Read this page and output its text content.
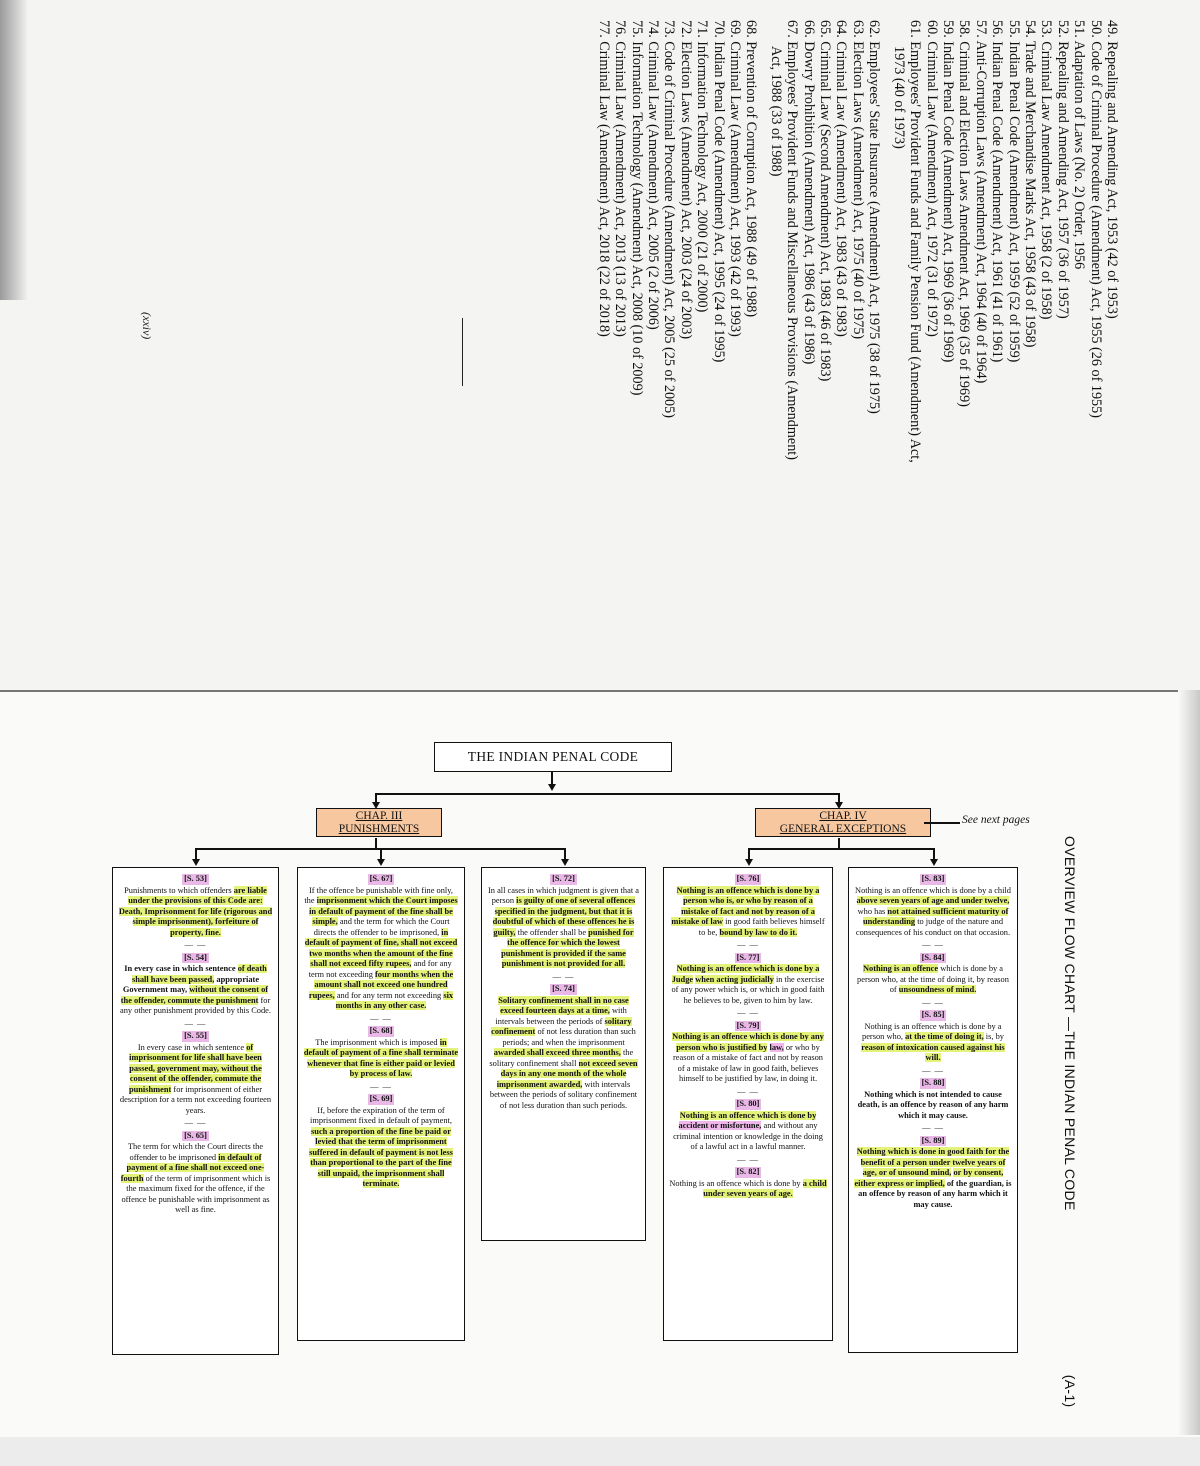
49. Repealing and Amending Act, 1953 (42 of 1953)
50. Code of Criminal Procedure (Amendment) Act, 1955 (26 of 1955)
51. Adaptation of Laws (No. 2) Order, 1956
52. Repealing and Amending Act, 1957 (36 of 1957)
53. Criminal Law Amendment Act, 1958 (2 of 1958)
54. Trade and Merchandise Marks Act, 1958 (43 of 1958)
55. Indian Penal Code (Amendment) Act, 1959 (52 of 1959)
56. Indian Penal Code (Amendment) Act, 1961 (41 of 1961)
57. Anti-Corruption Laws (Amendment) Act, 1964 (40 of 1964)
58. Criminal and Election Laws Amendment Act, 1969 (35 of 1969)
59. Indian Penal Code (Amendment) Act, 1969 (36 of 1969)
60. Criminal Law (Amendment) Act, 1972 (31 of 1972)
61. Employees' Provident Funds and Family Pension Fund (Amendment) Act,
1973 (40 of 1973)
62. Employees' State Insurance (Amendment) Act, 1975 (38 of 1975)
63. Election Laws (Amendment) Act, 1975 (40 of 1975)
64. Criminal Law (Amendment) Act, 1983 (43 of 1983)
65. Criminal Law (Second Amendment) Act, 1983 (46 of 1983)
66. Dowry Prohibition (Amendment) Act, 1986 (43 of 1986)
67. Employees' Provident Funds and Miscellaneous Provisions (Amendment)
Act, 1988 (33 of 1988)
68. Prevention of Corruption Act, 1988 (49 of 1988)
69. Criminal Law (Amendment) Act, 1993 (42 of 1993)
70. Indian Penal Code (Amendment) Act, 1995 (24 of 1995)
71. Information Technology Act, 2000 (21 of 2000)
72. Election Laws (Amendment) Act, 2003 (24 of 2003)
73. Code of Criminal Procedure (Amendment) Act, 2005 (25 of 2005)
74. Criminal Law (Amendment) Act, 2005 (2 of 2006)
75. Information Technology (Amendment) Act, 2008 (10 of 2009)
76. Criminal Law (Amendment) Act, 2013 (13 of 2013)
77. Criminal Law (Amendment) Act, 2018 (22 of 2018)
(xxiv)
OVERVIEW FLOW CHART —THE INDIAN PENAL CODE (A-1)
THE INDIAN PENAL CODE
CHAP. III
PUNISHMENTS
CHAP. IV
GENERAL EXCEPTIONS
See next pages
[S. 53]
Punishments to which offenders are liable under the provisions of this Code are: Death, Imprisonment for life (rigorous and simple imprisonment), forfeiture of property, fine.
— —
[S. 54]
In every case in which sentence of death shall have been passed, appropriate Government may, without the consent of the offender, commute the punishment for any other punishment provided by this Code.
— —
[S. 55]
In every case in which sentence of imprisonment for life shall have been passed, government may, without the consent of the offender, commute the punishment for imprisonment of either description for a term not exceeding fourteen years.
— —
[S. 65]
The term for which the Court directs the offender to be imprisoned in default of payment of a fine shall not exceed one-fourth of the term of imprisonment which is the maximum fixed for the offence, if the offence be punishable with imprisonment as well as fine.
[S. 67]
If the offence be punishable with fine only, the imprisonment which the Court imposes in default of payment of the fine shall be simple, and the term for which the Court directs the offender to be imprisoned, in default of payment of fine, shall not exceed two months when the amount of the fine shall not exceed fifty rupees, and for any term not exceeding four months when the amount shall not exceed one hundred rupees, and for any term not exceeding six months in any other case.
— —
[S. 68]
The imprisonment which is imposed in default of payment of a fine shall terminate whenever that fine is either paid or levied by process of law.
— —
[S. 69]
If, before the expiration of the term of imprisonment fixed in default of payment, such a proportion of the fine be paid or levied that the term of imprisonment suffered in default of payment is not less than proportional to the part of the fine still unpaid, the imprisonment shall terminate.
[S. 72]
In all cases in which judgment is given that a person is guilty of one of several offences specified in the judgment, but that it is doubtful of which of these offences he is guilty, the offender shall be punished for the offence for which the lowest punishment is provided if the same punishment is not provided for all.
— —
[S. 74]
Solitary confinement shall in no case exceed fourteen days at a time, with intervals between the periods of solitary confinement of not less duration than such periods; and when the imprisonment awarded shall exceed three months, the solitary confinement shall not exceed seven days in any one month of the whole imprisonment awarded, with intervals between the periods of solitary confinement of not less duration than such periods.
[S. 76]
Nothing is an offence which is done by a person who is, or who by reason of a mistake of fact and not by reason of a mistake of law in good faith believes himself to be, bound by law to do it.
— —
[S. 77]
Nothing is an offence which is done by a Judge when acting judicially in the exercise of any power which is, or which in good faith he believes to be, given to him by law.
— —
[S. 79]
Nothing is an offence which is done by any person who is justified by law, or who by reason of a mistake of fact and not by reason of a mistake of law in good faith, believes himself to be justified by law, in doing it.
— —
[S. 80]
Nothing is an offence which is done by accident or misfortune, and without any criminal intention or knowledge in the doing of a lawful act in a lawful manner.
— —
[S. 82]
Nothing is an offence which is done by a child under seven years of age.
[S. 83]
Nothing is an offence which is done by a child above seven years of age and under twelve, who has not attained sufficient maturity of understanding to judge of the nature and consequences of his conduct on that occasion.
— —
[S. 84]
Nothing is an offence which is done by a person who, at the time of doing it, by reason of unsoundness of mind.
— —
[S. 85]
Nothing is an offence which is done by a person who, at the time of doing it, is, by reason of intoxication caused against his will.
— —
[S. 88]
Nothing which is not intended to cause death, is an offence by reason of any harm which it may cause.
— —
[S. 89]
Nothing which is done in good faith for the benefit of a person under twelve years of age, or of unsound mind, or by consent, either express or implied, of the guardian, is an offence by reason of any harm which it may cause.
